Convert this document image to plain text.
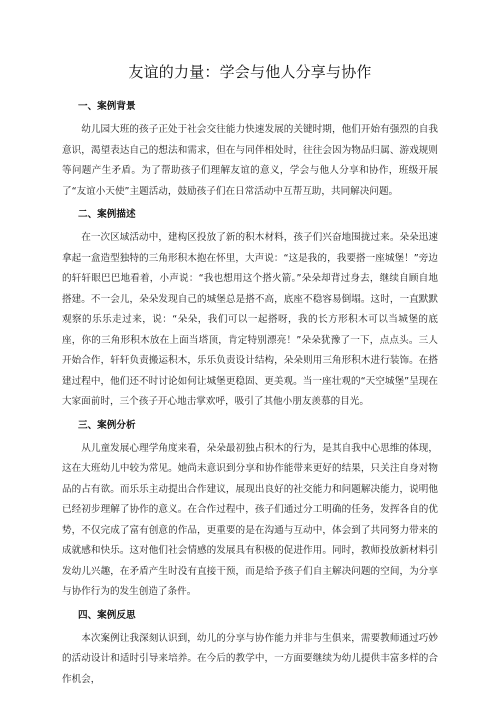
友谊的力量：学会与他人分享与协作
一、案例背景

幼儿园大班的孩子正处于社会交往能力快速发展的关键时期，他们开始有强烈的自我意识，渴望表达自己的想法和需求，但在与同伴相处时，往往会因为物品归属、游戏规则等问题产生矛盾。为了帮助孩子们理解友谊的意义，学会与他人分享和协作，班级开展了“友谊小天使”主题活动，鼓励孩子们在日常活动中互帮互助，共同解决问题。

二、案例描述

在一次区域活动中，建构区投放了新的积木材料，孩子们兴奋地围拢过来。朵朵迅速拿起一盒造型独特的三角形积木抱在怀里，大声说：“这是我的，我要搭一座城堡！”旁边的轩轩眼巴巴地看着，小声说：“我也想用这个搭火箭。”朵朵却背过身去，继续自顾自地搭建。不一会儿，朵朵发现自己的城堡总是搭不高，底座不稳容易倒塌。这时，一直默默观察的乐乐走过来，说：“朵朵，我们可以一起搭呀，我的长方形积木可以当城堡的底座，你的三角形积木放在上面当塔顶，肯定特别漂亮！”朵朵犹豫了一下，点点头。三人开始合作，轩轩负责搬运积木，乐乐负责设计结构，朵朵则用三角形积木进行装饰。在搭建过程中，他们还不时讨论如何让城堡更稳固、更美观。当一座壮观的“天空城堡”呈现在大家面前时，三个孩子开心地击掌欢呼，吸引了其他小朋友羡慕的目光。

三、案例分析

从儿童发展心理学角度来看，朵朵最初独占积木的行为，是其自我中心思维的体现，这在大班幼儿中较为常见。她尚未意识到分享和协作能带来更好的结果，只关注自身对物品的占有欲。而乐乐主动提出合作建议，展现出良好的社交能力和问题解决能力，说明他已经初步理解了协作的意义。在合作过程中，孩子们通过分工明确的任务，发挥各自的优势，不仅完成了富有创意的作品，更重要的是在沟通与互动中，体会到了共同努力带来的成就感和快乐。这对他们社会情感的发展具有积极的促进作用。同时，教师投放新材料引发幼儿兴趣，在矛盾产生时没有直接干预，而是给予孩子们自主解决问题的空间，为分享与协作行为的发生创造了条件。

四、案例反思

本次案例让我深刻认识到，幼儿的分享与协作能力并非与生俱来，需要教师通过巧妙的活动设计和适时引导来培养。在今后的教学中，一方面要继续为幼儿提供丰富多样的合作机会，
